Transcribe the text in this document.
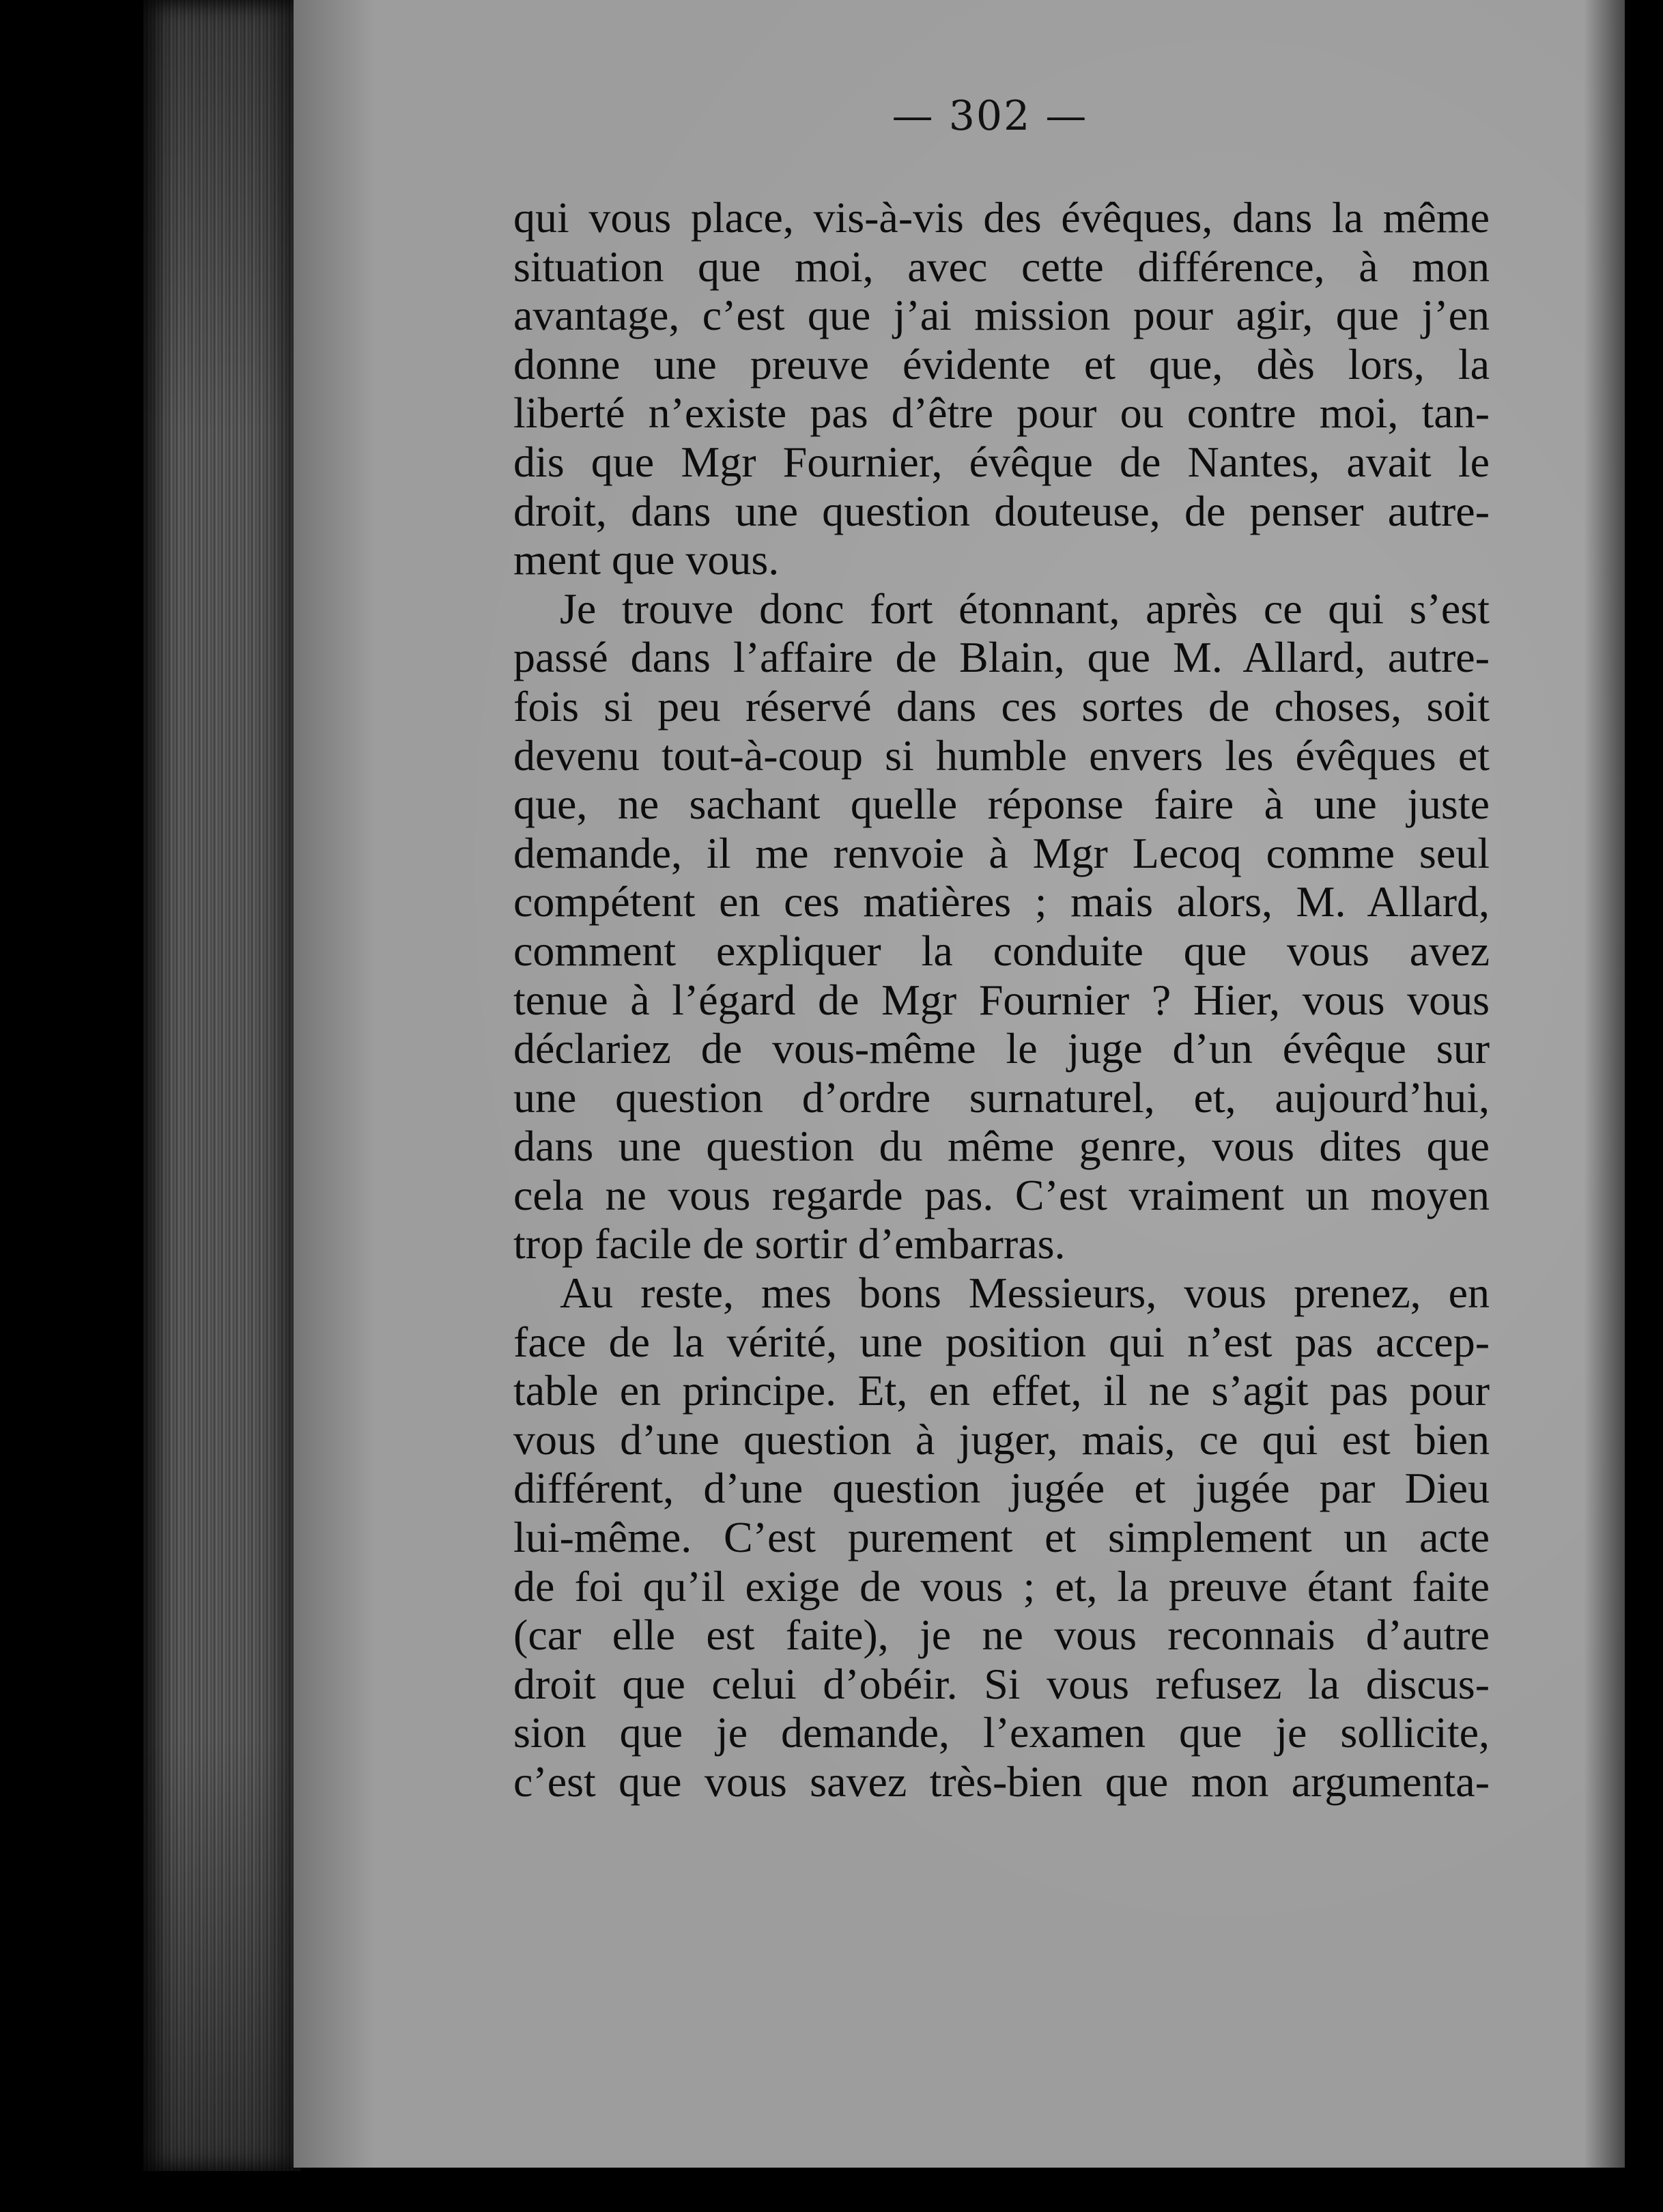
— 302 —
qui vous place, vis-à-vis des évêques, dans la même
situation que moi, avec cette différence, à mon
avantage, c’est que j’ai mission pour agir, que j’en
donne une preuve évidente et que, dès lors, la
liberté n’existe pas d’être pour ou contre moi, tan-
dis que Mgr Fournier, évêque de Nantes, avait le
droit, dans une question douteuse, de penser autre-
ment que vous.
Je trouve donc fort étonnant, après ce qui s’est
passé dans l’affaire de Blain, que M. Allard, autre-
fois si peu réservé dans ces sortes de choses, soit
devenu tout-à-coup si humble envers les évêques et
que, ne sachant quelle réponse faire à une juste
demande, il me renvoie à Mgr Lecoq comme seul
compétent en ces matières ; mais alors, M. Allard,
comment expliquer la conduite que vous avez
tenue à l’égard de Mgr Fournier ? Hier, vous vous
déclariez de vous-même le juge d’un évêque sur
une question d’ordre surnaturel, et, aujourd’hui,
dans une question du même genre, vous dites que
cela ne vous regarde pas. C’est vraiment un moyen
trop facile de sortir d’embarras.
Au reste, mes bons Messieurs, vous prenez, en
face de la vérité, une position qui n’est pas accep-
table en principe. Et, en effet, il ne s’agit pas pour
vous d’une question à juger, mais, ce qui est bien
différent, d’une question jugée et jugée par Dieu
lui-même. C’est purement et simplement un acte
de foi qu’il exige de vous ; et, la preuve étant faite
(car elle est faite), je ne vous reconnais d’autre
droit que celui d’obéir. Si vous refusez la discus-
sion que je demande, l’examen que je sollicite,
c’est que vous savez très-bien que mon argumenta-
